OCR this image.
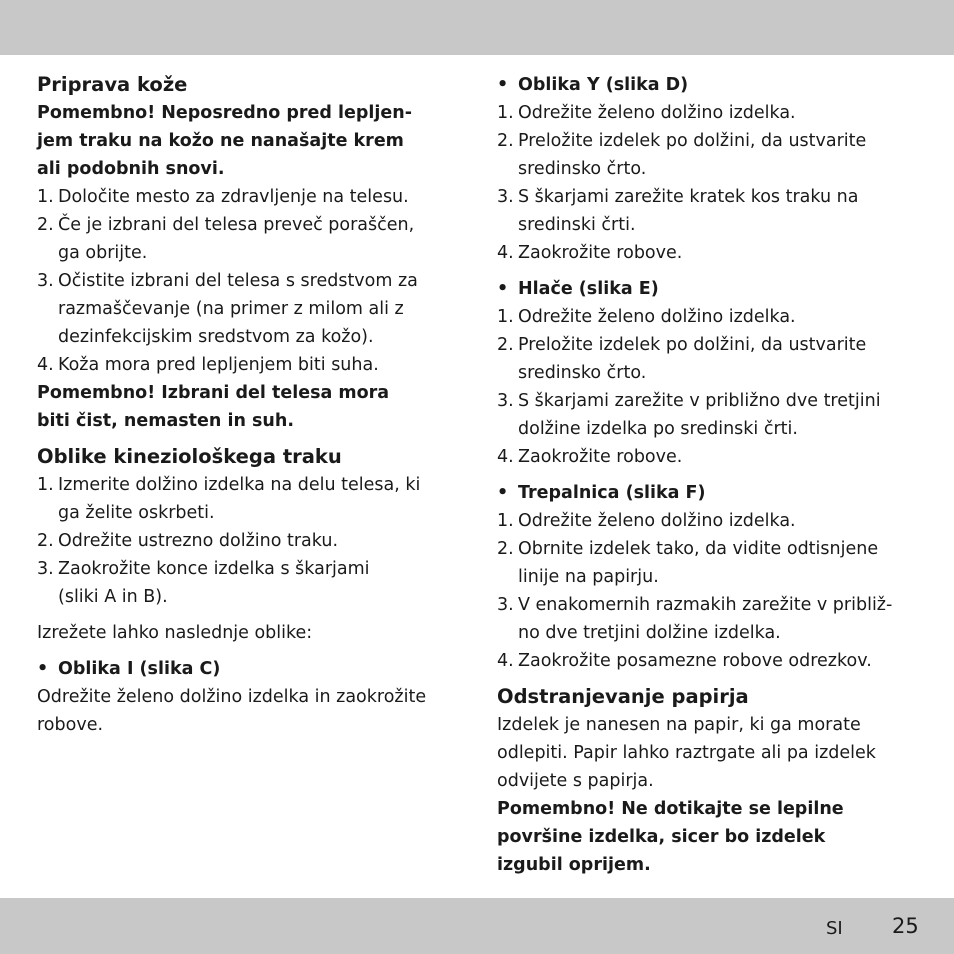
Priprava kože

Pomembno! Neposredno pred lepljen-
jem traku na kožo ne nanašajte krem
ali podobnih snovi.

1. Določite mesto za zdravljenje na telesu.
2. Če je izbrani del telesa preveč poraščen,
ga obrijte.
3. Očistite izbrani del telesa s sredstvom za
razmaščevanje (na primer z milom ali z
dezinfekcijskim sredstvom za kožo).
4. Koža mora pred lepljenjem biti suha.

Pomembno! Izbrani del telesa mora
biti čist, nemasten in suh.

Oblike kineziološkega traku

1. Izmerite dolžino izdelka na delu telesa, ki
ga želite oskrbeti.
2. Odrežite ustrezno dolžino traku.
3. Zaokrožite konce izdelka s škarjami
(sliki A in B).

Izrežete lahko naslednje oblike:

• Oblika I (slika C)

Odrežite želeno dolžino izdelka in zaokrožite
robove.

• Oblika Y (slika D)

1. Odrežite želeno dolžino izdelka.
2. Preložite izdelek po dolžini, da ustvarite
sredinsko črto.
3. S škarjami zarežite kratek kos traku na
sredinski črti.
4. Zaokrožite robove.

• Hlače (slika E)

1. Odrežite želeno dolžino izdelka.
2. Preložite izdelek po dolžini, da ustvarite
sredinsko črto.
3. S škarjami zarežite v približno dve tretjini
dolžine izdelka po sredinski črti.
4. Zaokrožite robove.

• Trepalnica (slika F)

1. Odrežite želeno dolžino izdelka.
2. Obrnite izdelek tako, da vidite odtisnjene
linije na papirju.
3. V enakomernih razmakih zarežite v približ-
no dve tretjini dolžine izdelka.
4. Zaokrožite posamezne robove odrezkov.

Odstranjevanje papirja

Izdelek je nanesen na papir, ki ga morate
odlepiti. Papir lahko raztrgate ali pa izdelek
odvijete s papirja.

Pomembno! Ne dotikajte se lepilne
površine izdelka, sicer bo izdelek
izgubil oprijem.

SI 25
